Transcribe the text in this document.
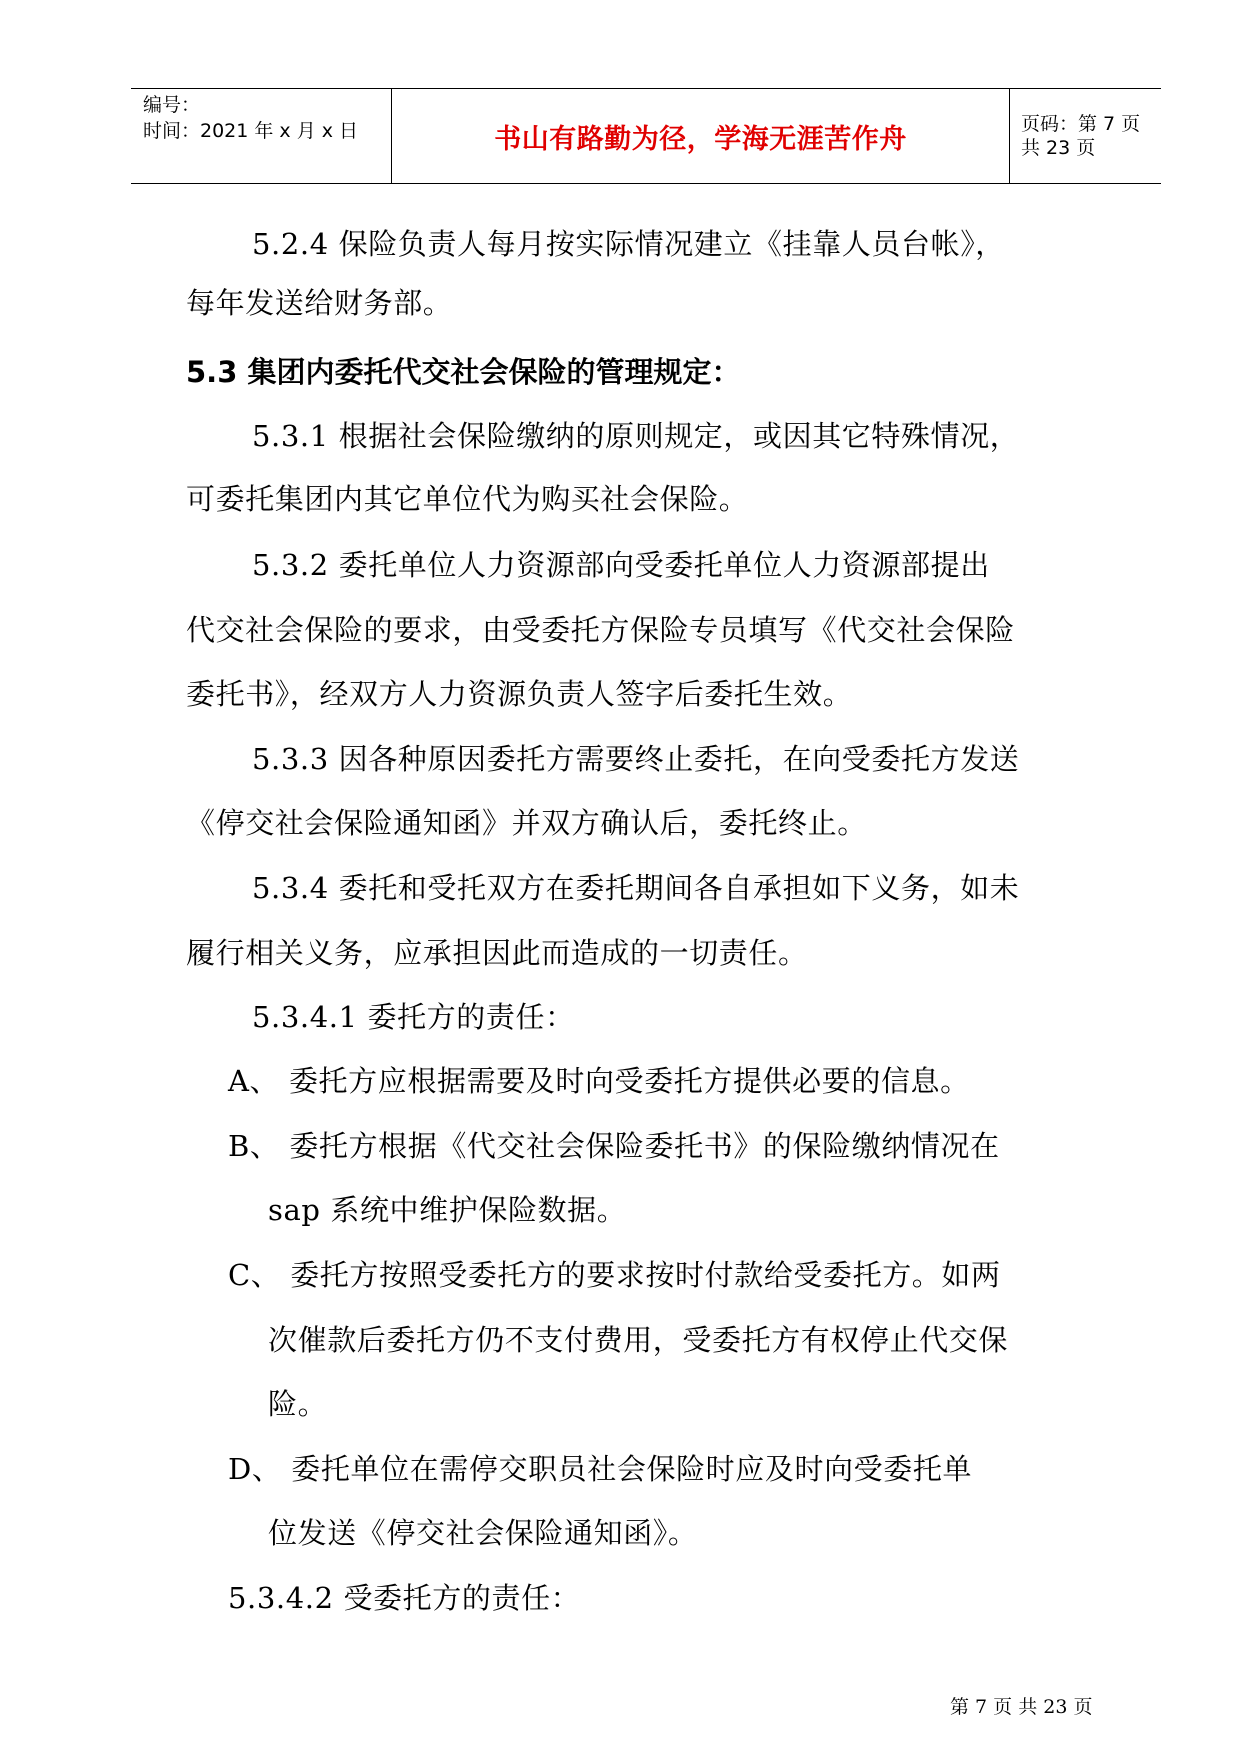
编号：
时间：2021 年 x 月 x 日	书山有路勤为径，学海无涯苦作舟	页码：第 7 页 共 23 页
5.2.4 保险负责人每月按实际情况建立《挂靠人员台帐》，
每年发送给财务部。
5.3 集团内委托代交社会保险的管理规定：
5.3.1 根据社会保险缴纳的原则规定，或因其它特殊情况，
可委托集团内其它单位代为购买社会保险。
5.3.2 委托单位人力资源部向受委托单位人力资源部提出
代交社会保险的要求，由受委托方保险专员填写《代交社会保险
委托书》，经双方人力资源负责人签字后委托生效。
5.3.3 因各种原因委托方需要终止委托，在向受委托方发送
《停交社会保险通知函》并双方确认后，委托终止。
5.3.4 委托和受托双方在委托期间各自承担如下义务，如未
履行相关义务，应承担因此而造成的一切责任。
5.3.4.1 委托方的责任：
A、 委托方应根据需要及时向受委托方提供必要的信息。
B、 委托方根据《代交社会保险委托书》的保险缴纳情况在
sap 系统中维护保险数据。
C、 委托方按照受委托方的要求按时付款给受委托方。如两
次催款后委托方仍不支付费用，受委托方有权停止代交保
险。
D、 委托单位在需停交职员社会保险时应及时向受委托单
位发送《停交社会保险通知函》。
5.3.4.2 受委托方的责任：
第 7 页 共 23 页
